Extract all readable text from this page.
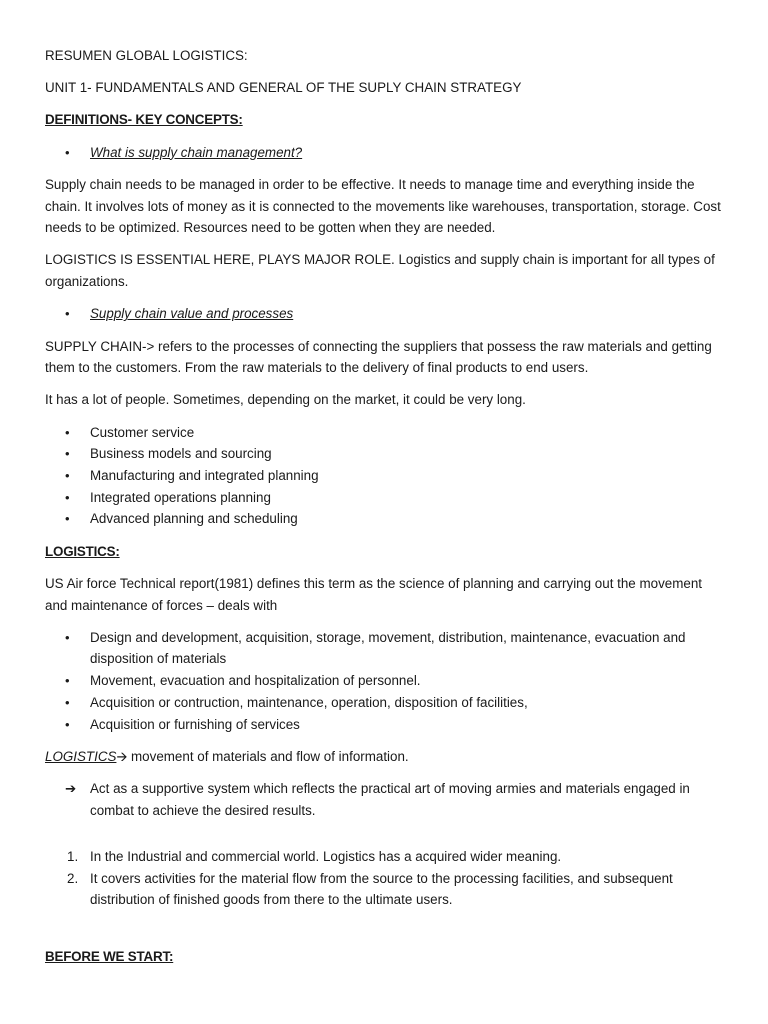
RESUMEN GLOBAL LOGISTICS:

UNIT 1- FUNDAMENTALS AND GENERAL OF THE SUPLY CHAIN STRATEGY

DEFINITIONS- KEY CONCEPTS:

•	What is supply chain management?

Supply chain needs to be managed in order to be effective. It needs to manage time and everything inside the chain. It involves lots of money as it is connected to the movements like warehouses, transportation, storage. Cost needs to be optimized. Resources need to be gotten when they are needed.

LOGISTICS IS ESSENTIAL HERE, PLAYS MAJOR ROLE. Logistics and supply chain is important for all types of organizations.

•	Supply chain value and processes

SUPPLY CHAIN-> refers to the processes of connecting the suppliers that possess the raw materials and getting them to the customers. From the raw materials to the delivery of final products to end users.

It has a lot of people. Sometimes, depending on the market, it could be very long.

•	Customer service
•	Business models and sourcing
•	Manufacturing and integrated planning
•	Integrated operations planning
•	Advanced planning and scheduling

LOGISTICS:

US Air force Technical report(1981) defines this term as the science of planning and carrying out the movement and maintenance of forces – deals with

•	Design and development, acquisition, storage, movement, distribution, maintenance, evacuation and disposition of materials
•	Movement, evacuation and hospitalization of personnel.
•	Acquisition or contruction, maintenance, operation, disposition of facilities,
•	Acquisition or furnishing of services

LOGISTICS🡪 movement of materials and flow of information.

➔	Act as a supportive system which reflects the practical art of moving armies and materials engaged in combat to achieve the desired results.
1. In the Industrial and commercial world. Logistics has a acquired wider meaning.
2. It covers activities for the material flow from the source to the processing facilities, and subsequent distribution of finished goods from there to the ultimate users.

BEFORE WE START:
